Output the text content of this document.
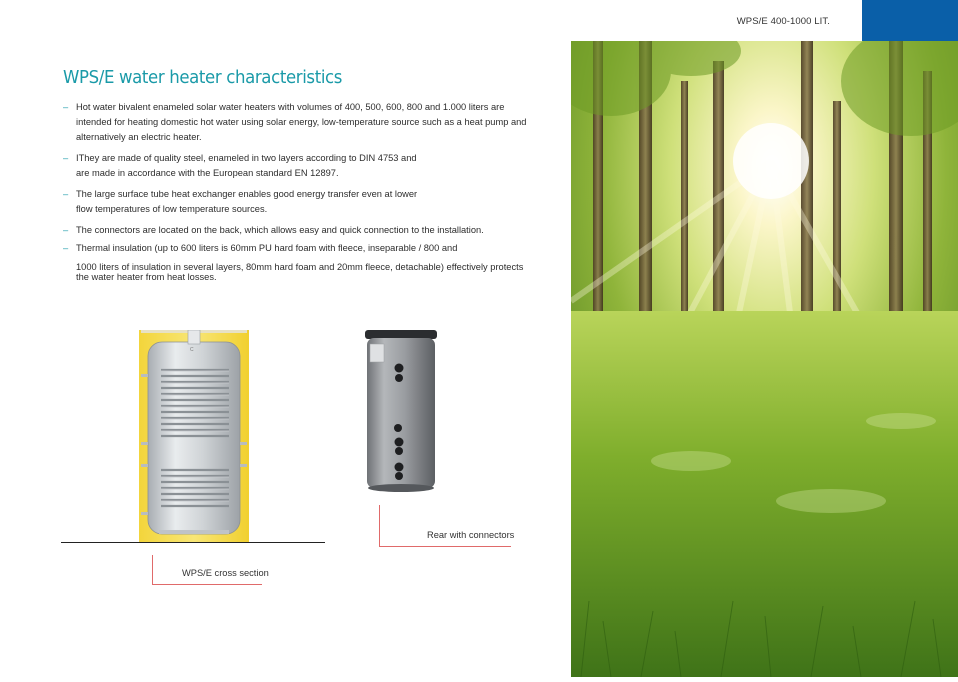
WPS/E 400-1000 LIT.
WPS/E water heater characteristics
– Hot water bivalent enameled solar water heaters with volumes of 400, 500, 600, 800 and 1.000 liters are
intended for heating domestic hot water using solar energy, low-temperature source such as a heat pump and
alternatively an electric heater.
– IThey are made of quality steel, enameled in two layers according to DIN 4753 and
are made in accordance with the European standard EN 12897.
– The large surface tube heat exchanger enables good energy transfer even at lower
flow temperatures of low temperature sources.
– The connectors are located on the back, which allows easy and quick connection to the installation.
– Thermal insulation (up to 600 liters is 60mm PU hard foam with fleece, inseparable / 800 and

1000 liters of insulation in several layers, 80mm hard foam and 20mm fleece, detachable) effectively protects
the water heater from heat losses.
C
WPS/E cross section
Rear with connectors
